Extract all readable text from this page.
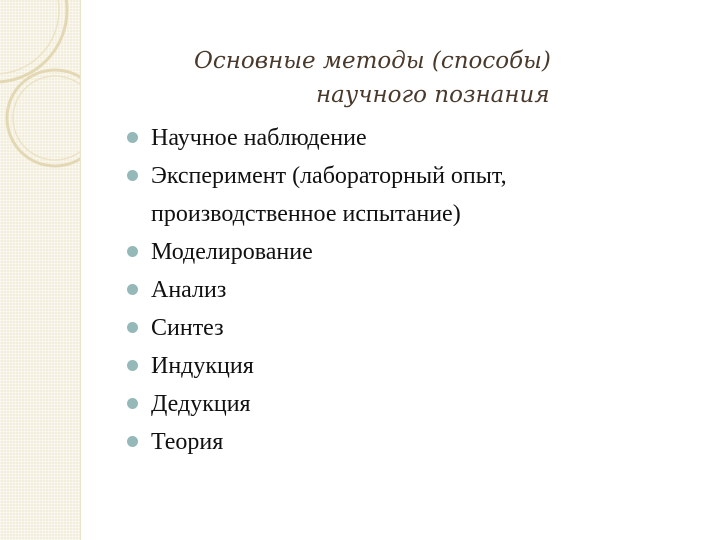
Основные методы (способы)
научного познания
Научное наблюдение
Эксперимент (лабораторный опыт,
производственное испытание)
Моделирование
Анализ
Синтез
Индукция
Дедукция
Теория
